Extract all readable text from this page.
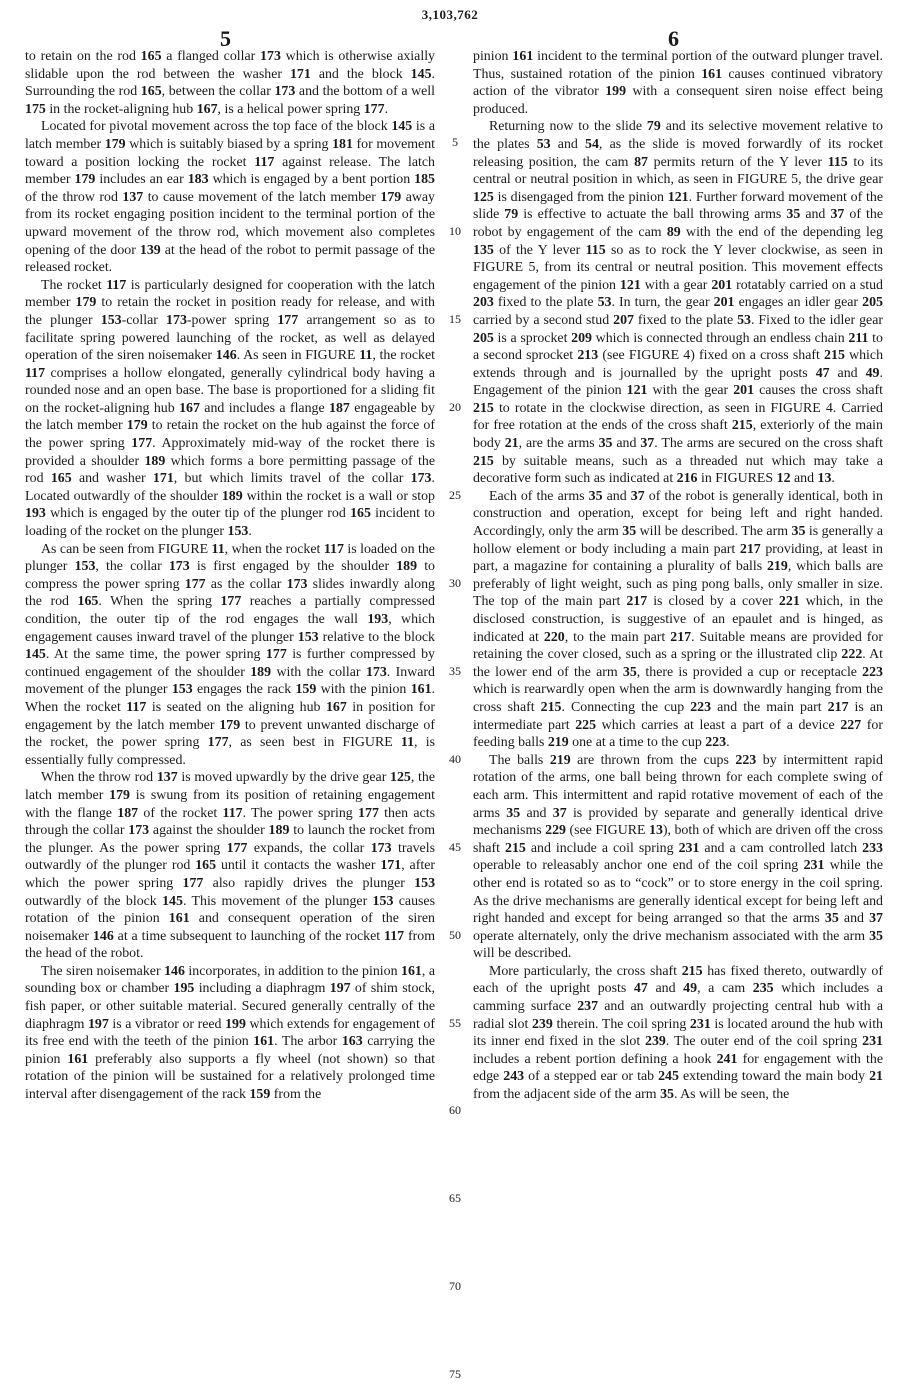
3,103,762
5	6

to retain on the rod 165 a flanged collar 173 which is otherwise axially slidable upon the rod between the washer 171 and the block 145. Surrounding the rod 165, between the collar 173 and the bottom of a well 175 in the rocket-aligning hub 167, is a helical power spring 177.

Located for pivotal movement across the top face of the block 145 is a latch member 179 which is suitably biased by a spring 181 for movement toward a position locking the rocket 117 against release. The latch member 179 includes an ear 183 which is engaged by a bent portion 185 of the throw rod 137 to cause movement of the latch member 179 away from its rocket engaging position incident to the terminal portion of the upward movement of the throw rod, which movement also completes opening of the door 139 at the head of the robot to permit passage of the released rocket.

The rocket 117 is particularly designed for cooperation with the latch member 179 to retain the rocket in position ready for release, and with the plunger 153-collar 173-power spring 177 arrangement so as to facilitate spring powered launching of the rocket, as well as delayed operation of the siren noisemaker 146. As seen in FIGURE 11, the rocket 117 comprises a hollow elongated, generally cylindrical body having a rounded nose and an open base. The base is proportioned for a sliding fit on the rocket-aligning hub 167 and includes a flange 187 engageable by the latch member 179 to retain the rocket on the hub against the force of the power spring 177. Approximately mid-way of the rocket there is provided a shoulder 189 which forms a bore permitting passage of the rod 165 and washer 171, but which limits travel of the collar 173. Located outwardly of the shoulder 189 within the rocket is a wall or stop 193 which is engaged by the outer tip of the plunger rod 165 incident to loading of the rocket on the plunger 153.

As can be seen from FIGURE 11, when the rocket 117 is loaded on the plunger 153, the collar 173 is first engaged by the shoulder 189 to compress the power spring 177 as the collar 173 slides inwardly along the rod 165. When the spring 177 reaches a partially compressed condition, the outer tip of the rod engages the wall 193, which engagement causes inward travel of the plunger 153 relative to the block 145. At the same time, the power spring 177 is further compressed by continued engagement of the shoulder 189 with the collar 173. Inward movement of the plunger 153 engages the rack 159 with the pinion 161. When the rocket 117 is seated on the aligning hub 167 in position for engagement by the latch member 179 to prevent unwanted discharge of the rocket, the power spring 177, as seen best in FIGURE 11, is essentially fully compressed.

When the throw rod 137 is moved upwardly by the drive gear 125, the latch member 179 is swung from its position of retaining engagement with the flange 187 of the rocket 117. The power spring 177 then acts through the collar 173 against the shoulder 189 to launch the rocket from the plunger. As the power spring 177 expands, the collar 173 travels outwardly of the plunger rod 165 until it contacts the washer 171, after which the power spring 177 also rapidly drives the plunger 153 outwardly of the block 145. This movement of the plunger 153 causes rotation of the pinion 161 and consequent operation of the siren noisemaker 146 at a time subsequent to launching of the rocket 117 from the head of the robot.

The siren noisemaker 146 incorporates, in addition to the pinion 161, a sounding box or chamber 195 including a diaphragm 197 of shim stock, fish paper, or other suitable material. Secured generally centrally of the diaphragm 197 is a vibrator or reed 199 which extends for engagement of its free end with the teeth of the pinion 161. The arbor 163 carrying the pinion 161 preferably also supports a fly wheel (not shown) so that rotation of the pinion will be sustained for a relatively prolonged time interval after disengagement of the rack 159 from the

5
10
15
20
25
30
35
40
45
50
55
60
65
70
75

pinion 161 incident to the terminal portion of the outward plunger travel. Thus, sustained rotation of the pinion 161 causes continued vibratory action of the vibrator 199 with a consequent siren noise effect being produced.

Returning now to the slide 79 and its selective movement relative to the plates 53 and 54, as the slide is moved forwardly of its rocket releasing position, the cam 87 permits return of the Y lever 115 to its central or neutral position in which, as seen in FIGURE 5, the drive gear 125 is disengaged from the pinion 121. Further forward movement of the slide 79 is effective to actuate the ball throwing arms 35 and 37 of the robot by engagement of the cam 89 with the end of the depending leg 135 of the Y lever 115 so as to rock the Y lever clockwise, as seen in FIGURE 5, from its central or neutral position. This movement effects engagement of the pinion 121 with a gear 201 rotatably carried on a stud 203 fixed to the plate 53. In turn, the gear 201 engages an idler gear 205 carried by a second stud 207 fixed to the plate 53. Fixed to the idler gear 205 is a sprocket 209 which is connected through an endless chain 211 to a second sprocket 213 (see FIGURE 4) fixed on a cross shaft 215 which extends through and is journalled by the upright posts 47 and 49. Engagement of the pinion 121 with the gear 201 causes the cross shaft 215 to rotate in the clockwise direction, as seen in FIGURE 4. Carried for free rotation at the ends of the cross shaft 215, exteriorly of the main body 21, are the arms 35 and 37. The arms are secured on the cross shaft 215 by suitable means, such as a threaded nut which may take a decorative form such as indicated at 216 in FIGURES 12 and 13.

Each of the arms 35 and 37 of the robot is generally identical, both in construction and operation, except for being left and right handed. Accordingly, only the arm 35 will be described. The arm 35 is generally a hollow element or body including a main part 217 providing, at least in part, a magazine for containing a plurality of balls 219, which balls are preferably of light weight, such as ping pong balls, only smaller in size. The top of the main part 217 is closed by a cover 221 which, in the disclosed construction, is suggestive of an epaulet and is hinged, as indicated at 220, to the main part 217. Suitable means are provided for retaining the cover closed, such as a spring or the illustrated clip 222. At the lower end of the arm 35, there is provided a cup or receptacle 223 which is rearwardly open when the arm is downwardly hanging from the cross shaft 215. Connecting the cup 223 and the main part 217 is an intermediate part 225 which carries at least a part of a device 227 for feeding balls 219 one at a time to the cup 223.

The balls 219 are thrown from the cups 223 by intermittent rapid rotation of the arms, one ball being thrown for each complete swing of each arm. This intermittent and rapid rotative movement of each of the arms 35 and 37 is provided by separate and generally identical drive mechanisms 229 (see FIGURE 13), both of which are driven off the cross shaft 215 and include a coil spring 231 and a cam controlled latch 233 operable to releasably anchor one end of the coil spring 231 while the other end is rotated so as to “cock” or to store energy in the coil spring. As the drive mechanisms are generally identical except for being left and right handed and except for being arranged so that the arms 35 and 37 operate alternately, only the drive mechanism associated with the arm 35 will be described.

More particularly, the cross shaft 215 has fixed thereto, outwardly of each of the upright posts 47 and 49, a cam 235 which includes a camming surface 237 and an outwardly projecting central hub with a radial slot 239 therein. The coil spring 231 is located around the hub with its inner end fixed in the slot 239. The outer end of the coil spring 231 includes a rebent portion defining a hook 241 for engagement with the edge 243 of a stepped ear or tab 245 extending toward the main body 21 from the adjacent side of the arm 35. As will be seen, the
